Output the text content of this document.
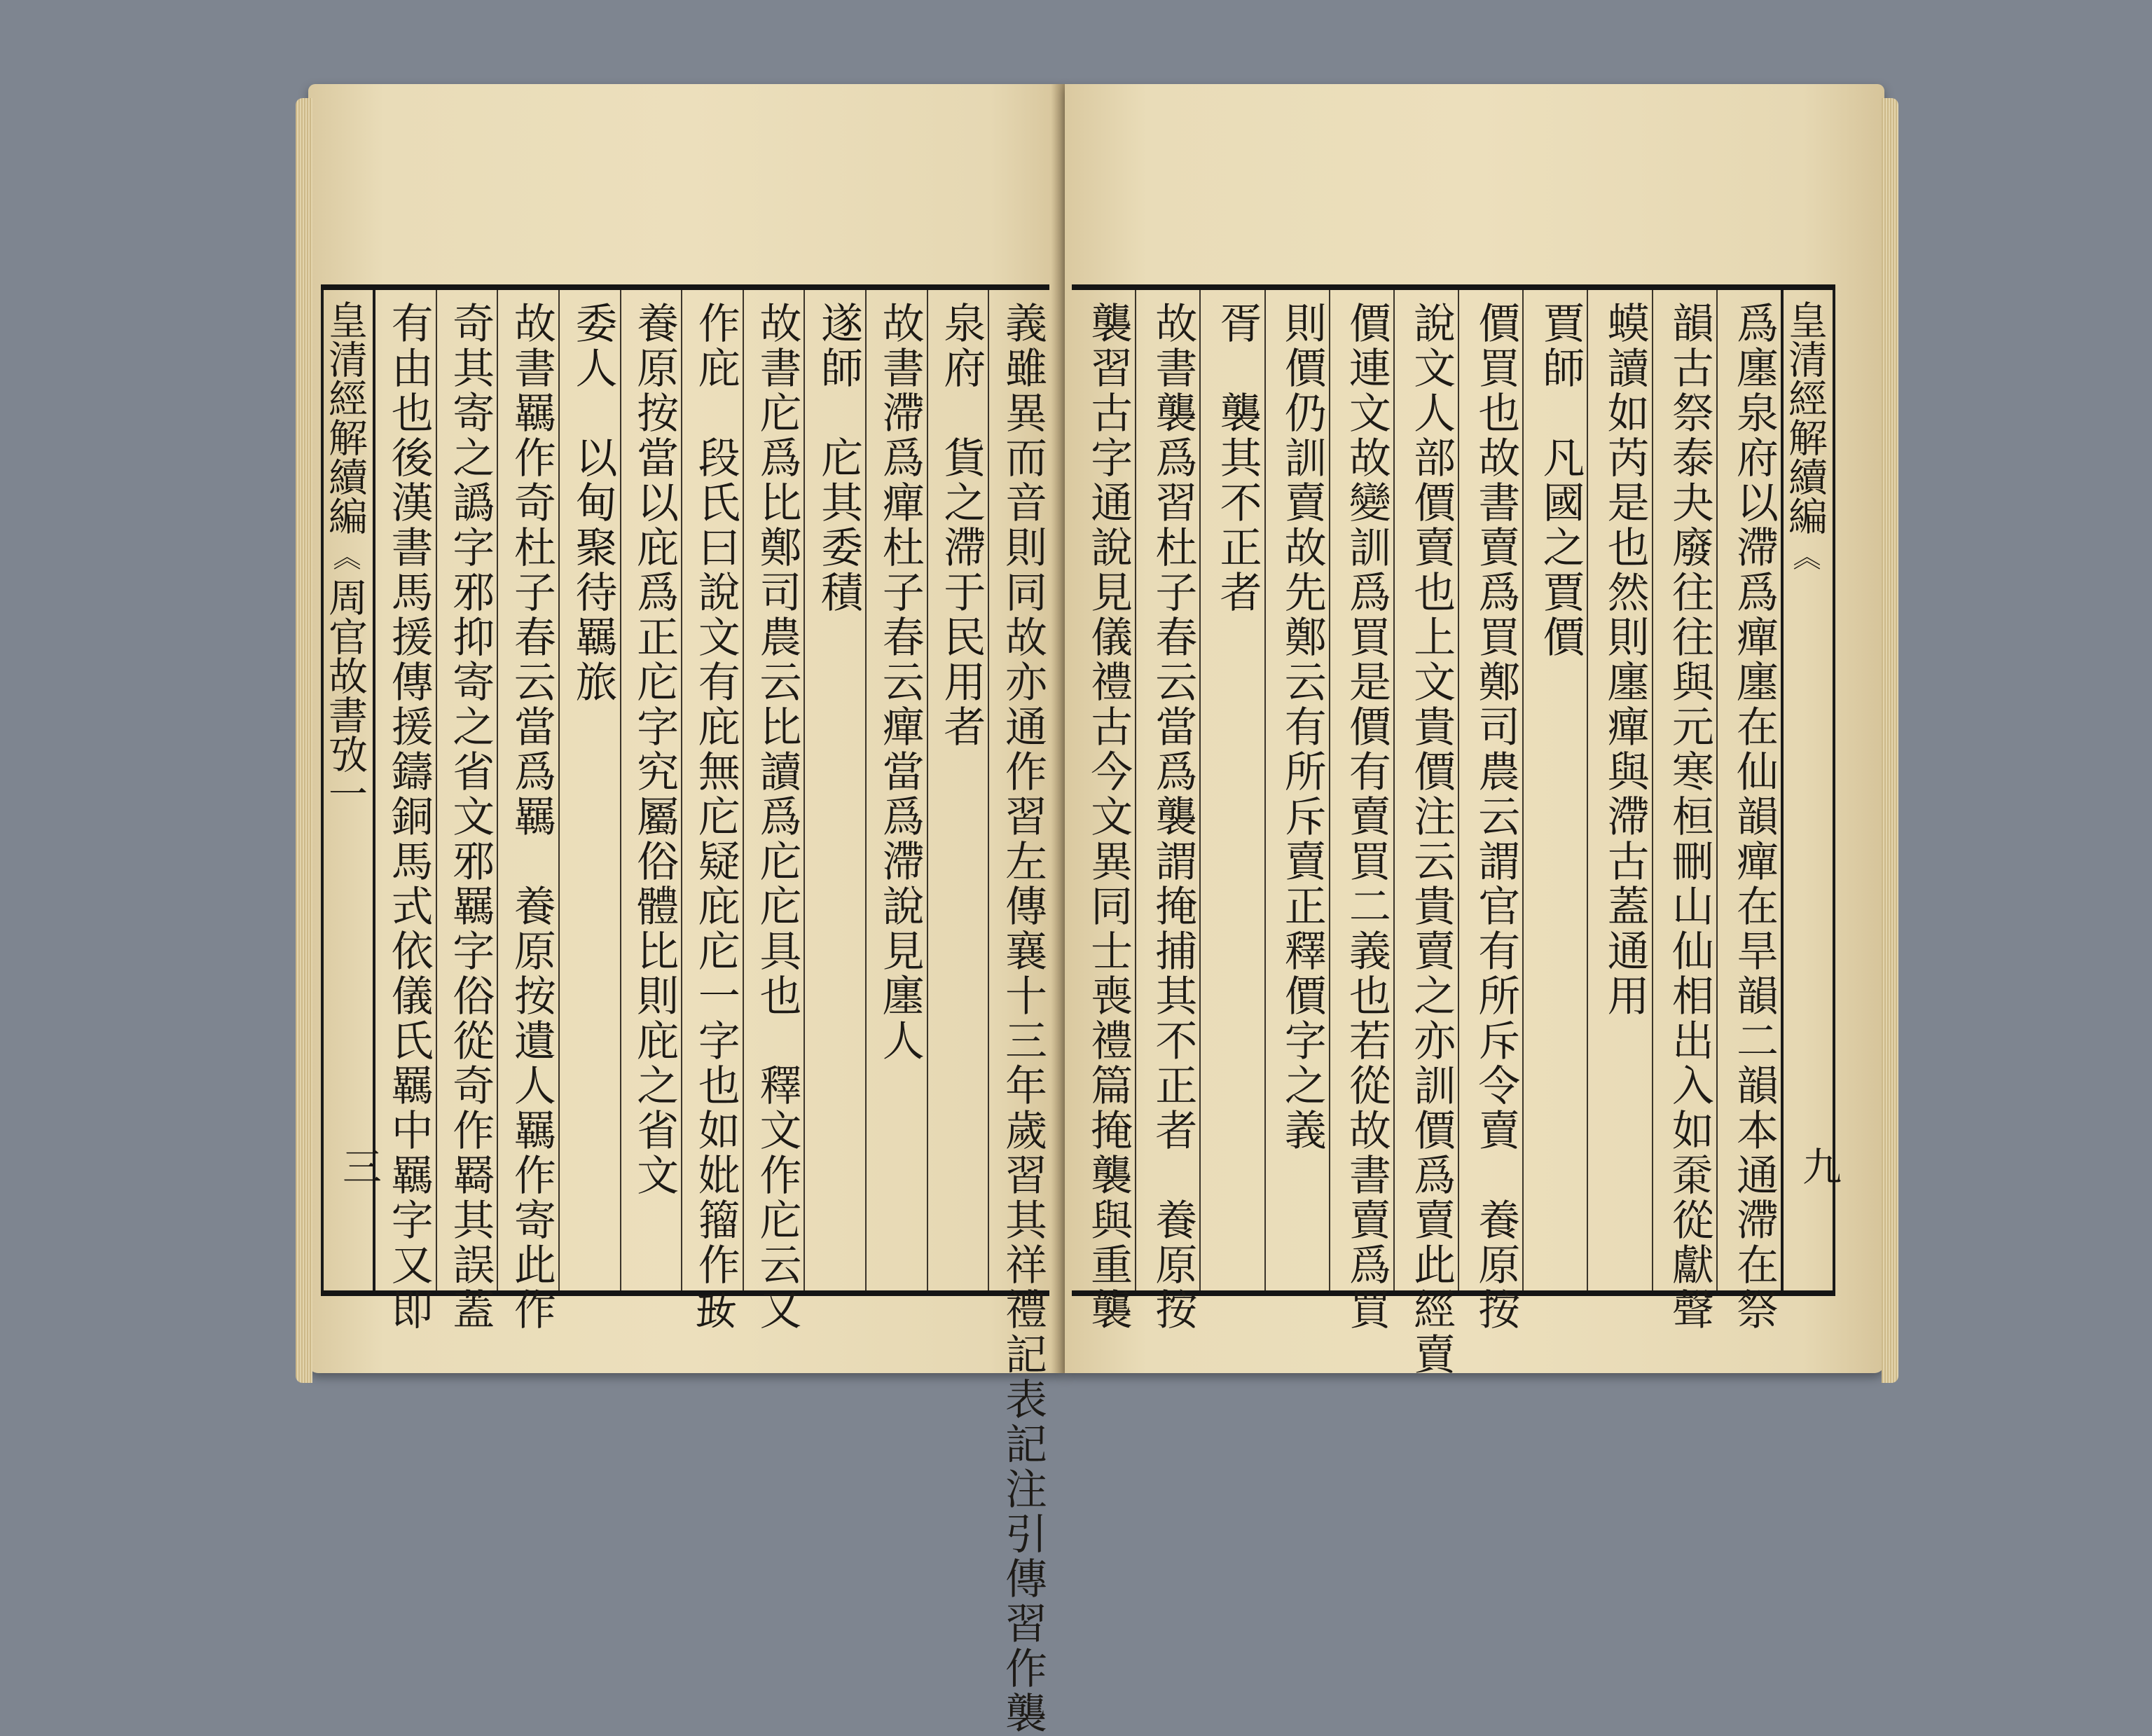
義雖異而音則同故亦通作習左傳襄十三年歲習其祥禮記表記注引傳習作襲
泉府　貨之滯于民用者
故書滯爲癉杜子春云癉當爲滯說見廛人
遂師　庀其委積
故書庀爲比鄭司農云比讀爲庀庀具也　釋文作庀云又
作庇　段氏曰說文有庇無庀疑庇庀一字也如妣籀作𡚽
養原按當以庇爲正庀字究屬俗體比則庇之省文
委人　以甸聚待羈旅
故書羈作奇杜子春云當爲羈　養原按遺人羈作寄此作
奇其寄之譌字邪抑寄之省文邪羈字俗從奇作羇其誤蓋
有由也後漢書馬援傳援鑄銅馬式依儀氏羈中羈字又即
皇清經解續編︽周官故書攷一
三
皇清經解續編︽
九
爲廛泉府以滯爲癉廛在仙韻癉在旱韻二韻本通滯在祭
韻古祭泰夬廢往往與元寒桓刪山仙相出入如𡘸從獻聲
蟆讀如芮是也然則廛癉與滯古蓋通用
賈師　凡國之賈價
價買也故書賣爲買鄭司農云謂官有所斥令賣　養原按
說文人部價賣也上文貴價注云貴賣之亦訓價爲賣此經賣
價連文故變訓爲買是價有賣買二義也若從故書賣爲買
則價仍訓賣故先鄭云有所斥賣正釋價字之義
胥　襲其不正者
故書襲爲習杜子春云當爲襲謂掩捕其不正者　養原按
襲習古字通說見儀禮古今文異同士喪禮篇掩襲與重襲
